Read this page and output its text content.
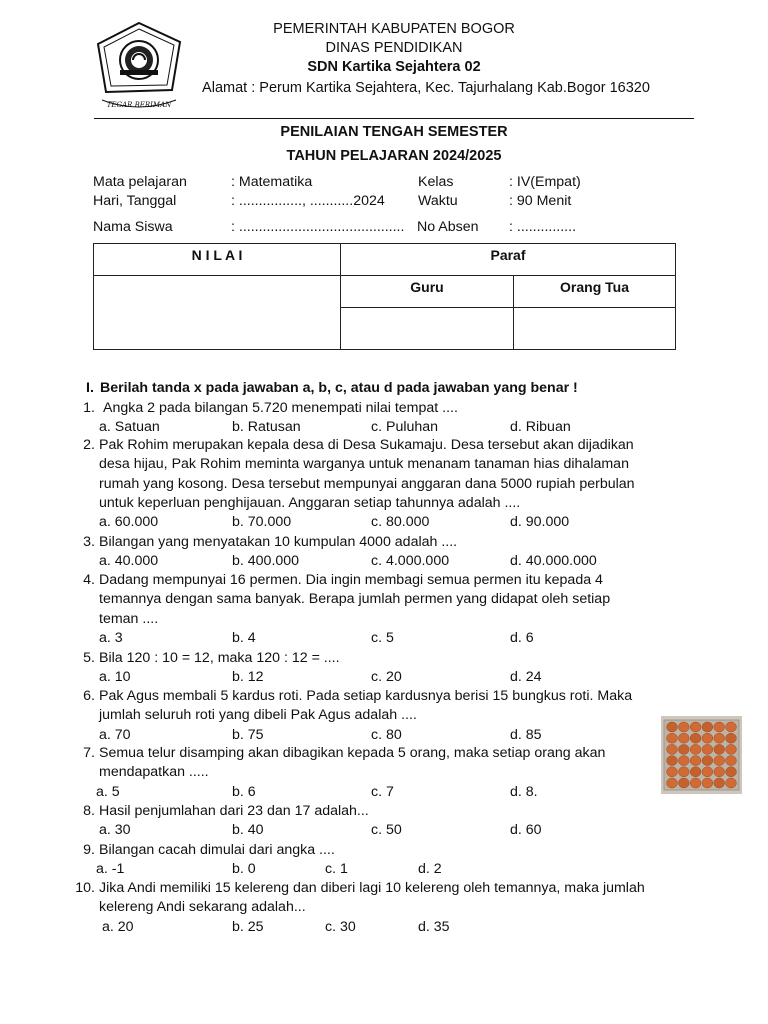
TEGAR BERIMAN
PEMERINTAH KABUPATEN BOGOR
DINAS PENDIDIKAN
SDN Kartika Sejahtera 02
Alamat : Perum Kartika Sejahtera, Kec. Tajurhalang Kab.Bogor 16320
PENILAIAN TENGAH SEMESTER
TAHUN PELAJARAN 2024/2025
Mata pelajaran	: Matematika	Kelas	: IV(Empat)
Hari, Tanggal	: ................, ...........2024 Waktu	: 90 Menit
Nama Siswa	: .......................................... No Absen : ...............
N I L A I	Paraf	
	Guru	Orang Tua

I. Berilah tanda x pada jawaban a, b, c, atau d pada jawaban yang benar !
1. Angka 2 pada bilangan 5.720 menempati nilai tempat ....
a. Satuan	b. Ratusan	c. Puluhan	d. Ribuan
2. Pak Rohim merupakan kepala desa di Desa Sukamaju. Desa tersebut akan dijadikan
desa hijau, Pak Rohim meminta warganya untuk menanam tanaman hias dihalaman
rumah yang kosong. Desa tersebut mempunyai anggaran dana 5000 rupiah perbulan
untuk keperluan penghijauan. Anggaran setiap tahunnya adalah ....
a. 60.000	b. 70.000	c. 80.000	d. 90.000
3. Bilangan yang menyatakan 10 kumpulan 4000 adalah ....
a. 40.000	b. 400.000	c. 4.000.000	d. 40.000.000
4. Dadang mempunyai 16 permen. Dia ingin membagi semua permen itu kepada 4
temannya dengan sama banyak. Berapa jumlah permen yang didapat oleh setiap
teman ....
a. 3	b. 4	c. 5	d. 6
5. Bila 120 : 10 = 12, maka 120 : 12 = ....
a. 10	b. 12	c. 20	d. 24
6. Pak Agus membali 5 kardus roti. Pada setiap kardusnya berisi 15 bungkus roti. Maka
jumlah seluruh roti yang dibeli Pak Agus adalah ....
a. 70	b. 75	c. 80	d. 85
7. Semua telur disamping akan dibagikan kepada 5 orang, maka setiap orang akan
mendapatkan .....
a. 5	b. 6	c. 7	d. 8.
8. Hasil penjumlahan dari 23 dan 17 adalah...
a. 30	b. 40	c. 50	d. 60
9. Bilangan cacah dimulai dari angka ....
a. -1	b. 0	c. 1	d. 2
10. Jika Andi memiliki 15 kelereng dan diberi lagi 10 kelereng oleh temannya, maka jumlah
kelereng Andi sekarang adalah...
a. 20	b. 25	c. 30	d. 35
